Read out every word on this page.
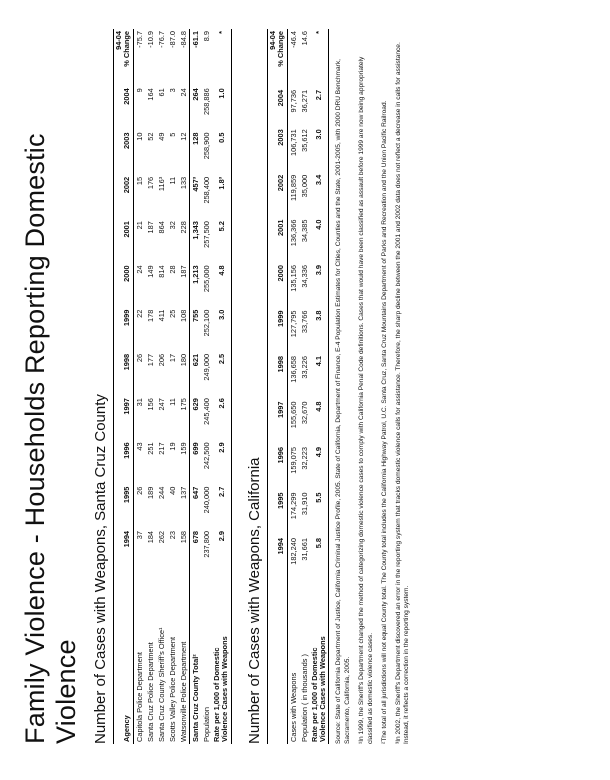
Family Violence - Households Reporting Domestic Violence Number of Cases with Weapons, Santa Cruz County Agency	1994	1995	1996	1997	1998	1999	2000	2001	2002	2003	2004	94-04
% Change
Capitola Police Department	37	26	43	31	26	22	24	21	15	10	9	-75.7
Santa Cruz Police Department	184	189	251	156	177	178	149	187	176	52	164	-10.9
Santa Cruz County Sheriff's Office¹	262	244	217	247	206	411	814	864	116³	49	61	-76.7
Scotts Valley Police Department	23	40	19	11	17	25	28	32	11	5	3	-87.0
Watsonville Police Department	158	137	159	175	180	108	187	228	133	12	24	-84.8
Santa Cruz County Total²	678	647	699	629	621	755	1,213	1,343	457³	128	264	-61.1
Population	237,800	240,000	242,500	245,400	249,000	252,100	255,000	257,500	258,400	258,900	258,886	8.9
Rate per 1,000 of Domestic
Violence Cases with Weapons	2.9	2.7	2.9	2.6	2.5	3.0	4.8	5.2	1.8³	0.5	1.0	*
Number of Cases with Weapons, California
	1994	1995	1996	1997	1998	1999	2000	2001	2002	2003	2004	94-04
% Change
Cases with Weapons	182,240	174,299	159,075	155,650	136,658	127,795	135,156	136,366	119,859	106,731	97,736	-46.4
Population ( in thousands )	31,661	31,910	32,223	32,670	33,226	33,766	34,336	34,385	35,000	35,612	36,271	14.6
Rate per 1,000 of Domestic
Violence Cases with Weapons	5.8	5.5	4.9	4.8	4.1	3.8	3.9	4.0	3.4	3.0	2.7	*

Source: State of California Department of Justice, California Criminal Justice Profile, 2005. State of California, Department of Finance, E-4 Population Estimates for Cities, Counties and the State, 2001-2005, with 2000 DRU Benchmark, Sacramento, California, 2005. ¹In 1999, the Sheriff's Department changed the method of categorizing domestic violence cases to comply with California Penal Code definitions. Cases that would have been classified as assault before 1999 are now being appropriately classified as domestic violence cases. ²The total of all jurisdictions will not equal County total. The County total includes the California Highway Patrol, U.C. Santa Cruz, Santa Cruz Mountains Department of Parks and Recreation and the Union Pacific Railroad. ³In 2002, the Sheriff's Department discovered an error in the reporting system that tracks domestic violence calls for assistance. Therefore, the sharp decline between the 2001 and 2002 data does not reflect a decrease in calls for assistance. Instead, it reflects a correction in the reporting system.
